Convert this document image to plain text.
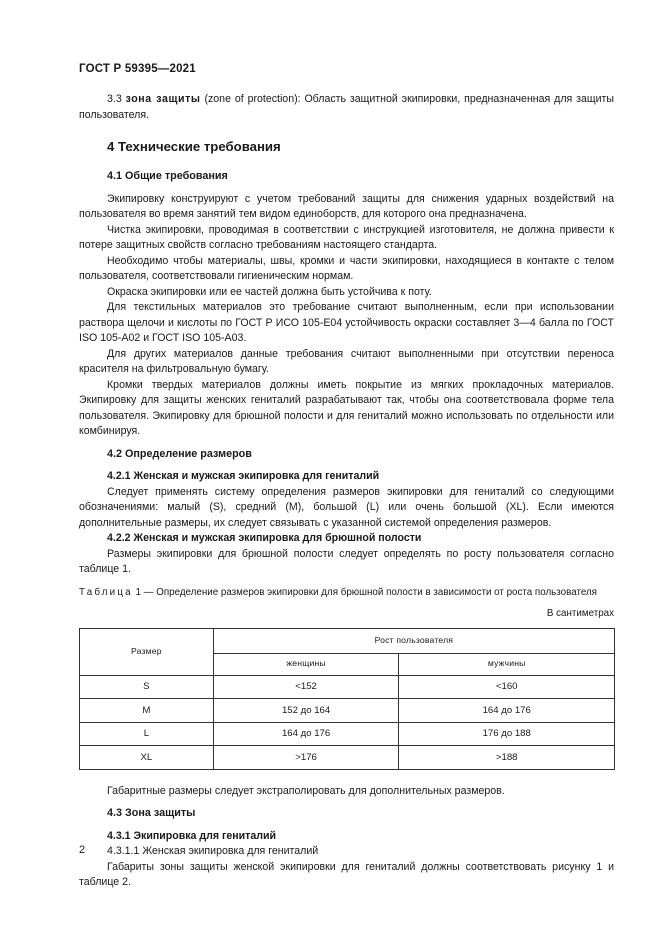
ГОСТ Р 59395—2021

3.3 зона защиты (zone of protection): Область защитной экипировки, предназначенная для защиты пользователя.

4 Технические требования
4.1 Общие требования

Экипировку конструируют с учетом требований защиты для снижения ударных воздействий на пользователя во время занятий тем видом единоборств, для которого она предназначена.

Чистка экипировки, проводимая в соответствии с инструкцией изготовителя, не должна привести к потере защитных свойств согласно требованиям настоящего стандарта.

Необходимо чтобы материалы, швы, кромки и части экипировки, находящиеся в контакте с телом пользователя, соответствовали гигиеническим нормам.

Окраска экипировки или ее частей должна быть устойчива к поту.

Для текстильных материалов это требование считают выполненным, если при использовании раствора щелочи и кислоты по ГОСТ Р ИСО 105-Е04 устойчивость окраски составляет 3—4 балла по ГОСТ ISO 105-А02 и ГОСТ ISO 105-А03.

Для других материалов данные требования считают выполненными при отсутствии переноса красителя на фильтровальную бумагу.

Кромки твердых материалов должны иметь покрытие из мягких прокладочных материалов. Экипировку для защиты женских гениталий разрабатывают так, чтобы она соответствовала форме тела пользователя. Экипировку для брюшной полости и для гениталий можно использовать по отдельности или комбинируя.

4.2 Определение размеров
4.2.1 Женская и мужская экипировка для гениталий

Следует применять систему определения размеров экипировки для гениталий со следующими обозначениями: малый (S), средний (М), большой (L) или очень большой (XL). Если имеются дополнительные размеры, их следует связывать с указанной системой определения размеров.

4.2.2 Женская и мужская экипировка для брюшной полости

Размеры экипировки для брюшной полости следует определять по росту пользователя согласно таблице 1.

Таблица 1 — Определение размеров экипировки для брюшной полости в зависимости от роста пользователя

В сантиметрах
Размер	Рост пользователя	
	женщины	мужчины
S	<152	<160
M	152 до 164	164 до 176
L	164 до 176	176 до 188
XL	>176	>188

Габаритные размеры следует экстраполировать для дополнительных размеров.

4.3 Зона защиты
4.3.1 Экипировка для гениталий
4.3.1.1 Женская экипировка для гениталий

Габариты зоны защиты женской экипировки для гениталий должны соответствовать рисунку 1 и таблице 2.

2
